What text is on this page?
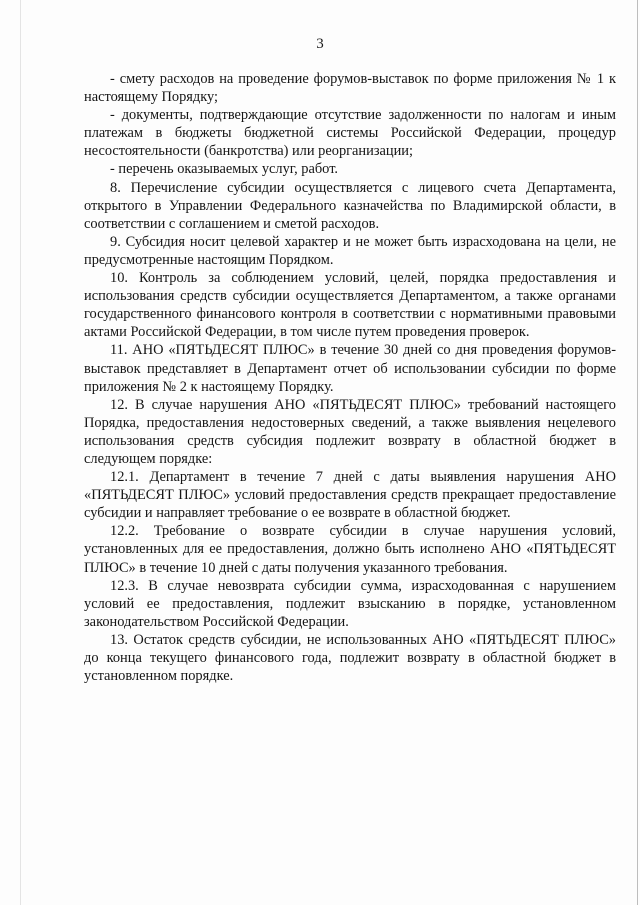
3

- смету расходов на проведение форумов-выставок по форме приложения № 1 к настоящему Порядку;

- документы, подтверждающие отсутствие задолженности по налогам и иным платежам в бюджеты бюджетной системы Российской Федерации, процедур несостоятельности (банкротства) или реорганизации;

- перечень оказываемых услуг, работ.

8. Перечисление субсидии осуществляется с лицевого счета Департамента, открытого в Управлении Федерального казначейства по Владимирской области, в соответствии с соглашением и сметой расходов.

9. Субсидия носит целевой характер и не может быть израсходована на цели, не предусмотренные настоящим Порядком.

10. Контроль за соблюдением условий, целей, порядка предоставления и использования средств субсидии осуществляется Департаментом, а также органами государственного финансового контроля в соответствии с нормативными правовыми актами Российской Федерации, в том числе путем проведения проверок.

11. АНО «ПЯТЬДЕСЯТ ПЛЮС» в течение 30 дней со дня проведения форумов-выставок представляет в Департамент отчет об использовании субсидии по форме приложения № 2 к настоящему Порядку.

12. В случае нарушения АНО «ПЯТЬДЕСЯТ ПЛЮС» требований настоящего Порядка, предоставления недостоверных сведений, а также выявления нецелевого использования средств субсидия подлежит возврату в областной бюджет в следующем порядке:

12.1. Департамент в течение 7 дней с даты выявления нарушения АНО «ПЯТЬДЕСЯТ ПЛЮС» условий предоставления средств прекращает предоставление субсидии и направляет требование о ее возврате в областной бюджет.

12.2. Требование о возврате субсидии в случае нарушения условий, установленных для ее предоставления, должно быть исполнено АНО «ПЯТЬДЕСЯТ ПЛЮС» в течение 10 дней с даты получения указанного требования.

12.3. В случае невозврата субсидии сумма, израсходованная с нарушением условий ее предоставления, подлежит взысканию в порядке, установленном законодательством Российской Федерации.

13. Остаток средств субсидии, не использованных АНО «ПЯТЬДЕСЯТ ПЛЮС» до конца текущего финансового года, подлежит возврату в областной бюджет в установленном порядке.
